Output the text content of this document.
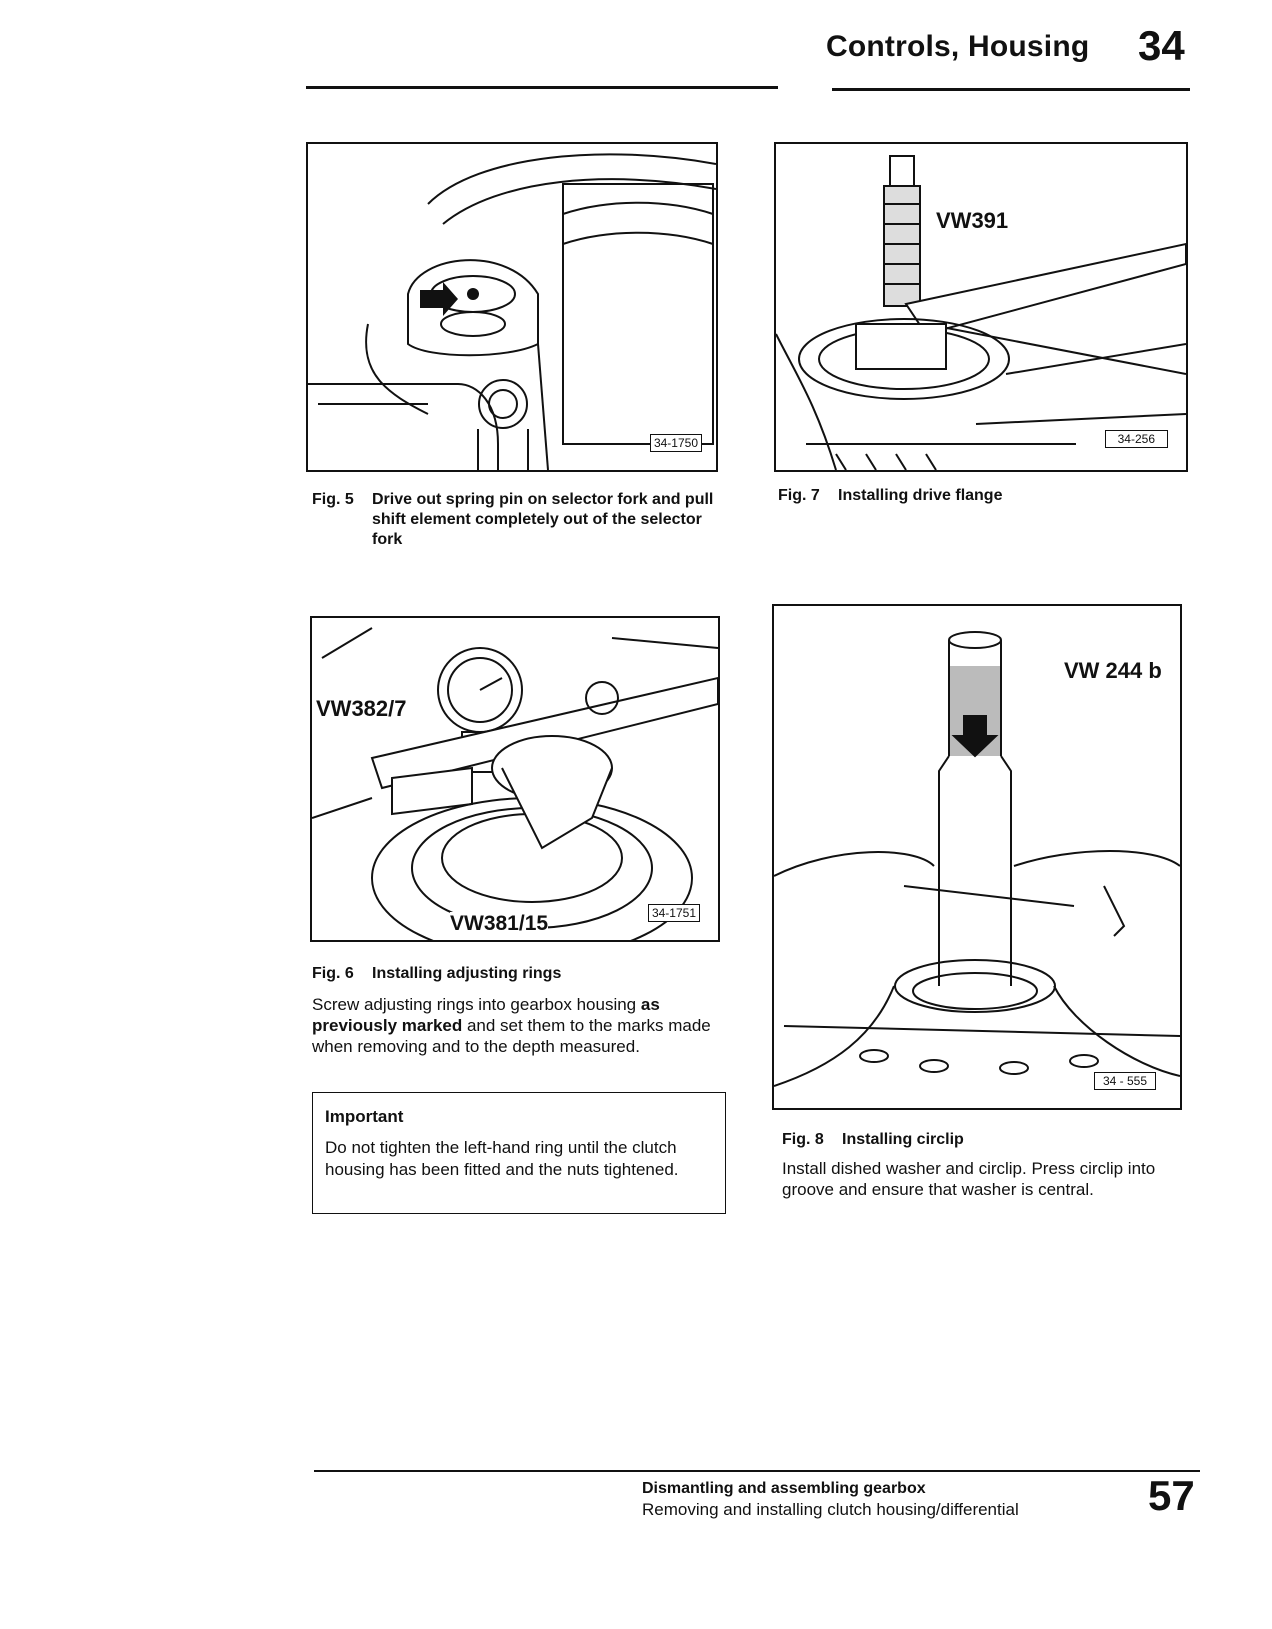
Controls, Housing 34
34-1750
Fig. 5 Drive out spring pin on selector fork and pull shift element completely out of the selector fork
VW391
34-256
Fig. 7 Installing drive flange
VW382/7
VW381/15	34-1751
Fig. 6 Installing adjusting rings
Screw adjusting rings into gearbox housing as previously marked and set them to the marks made when removing and to the depth measured.
Important
Do not tighten the left-hand ring until the clutch housing has been fitted and the nuts tightened.
VW 244 b
34 - 555
Fig. 8 Installing circlip
Install dished washer and circlip. Press circlip into groove and ensure that washer is central.
Dismantling and assembling gearbox
Removing and installing clutch housing/differential	57
